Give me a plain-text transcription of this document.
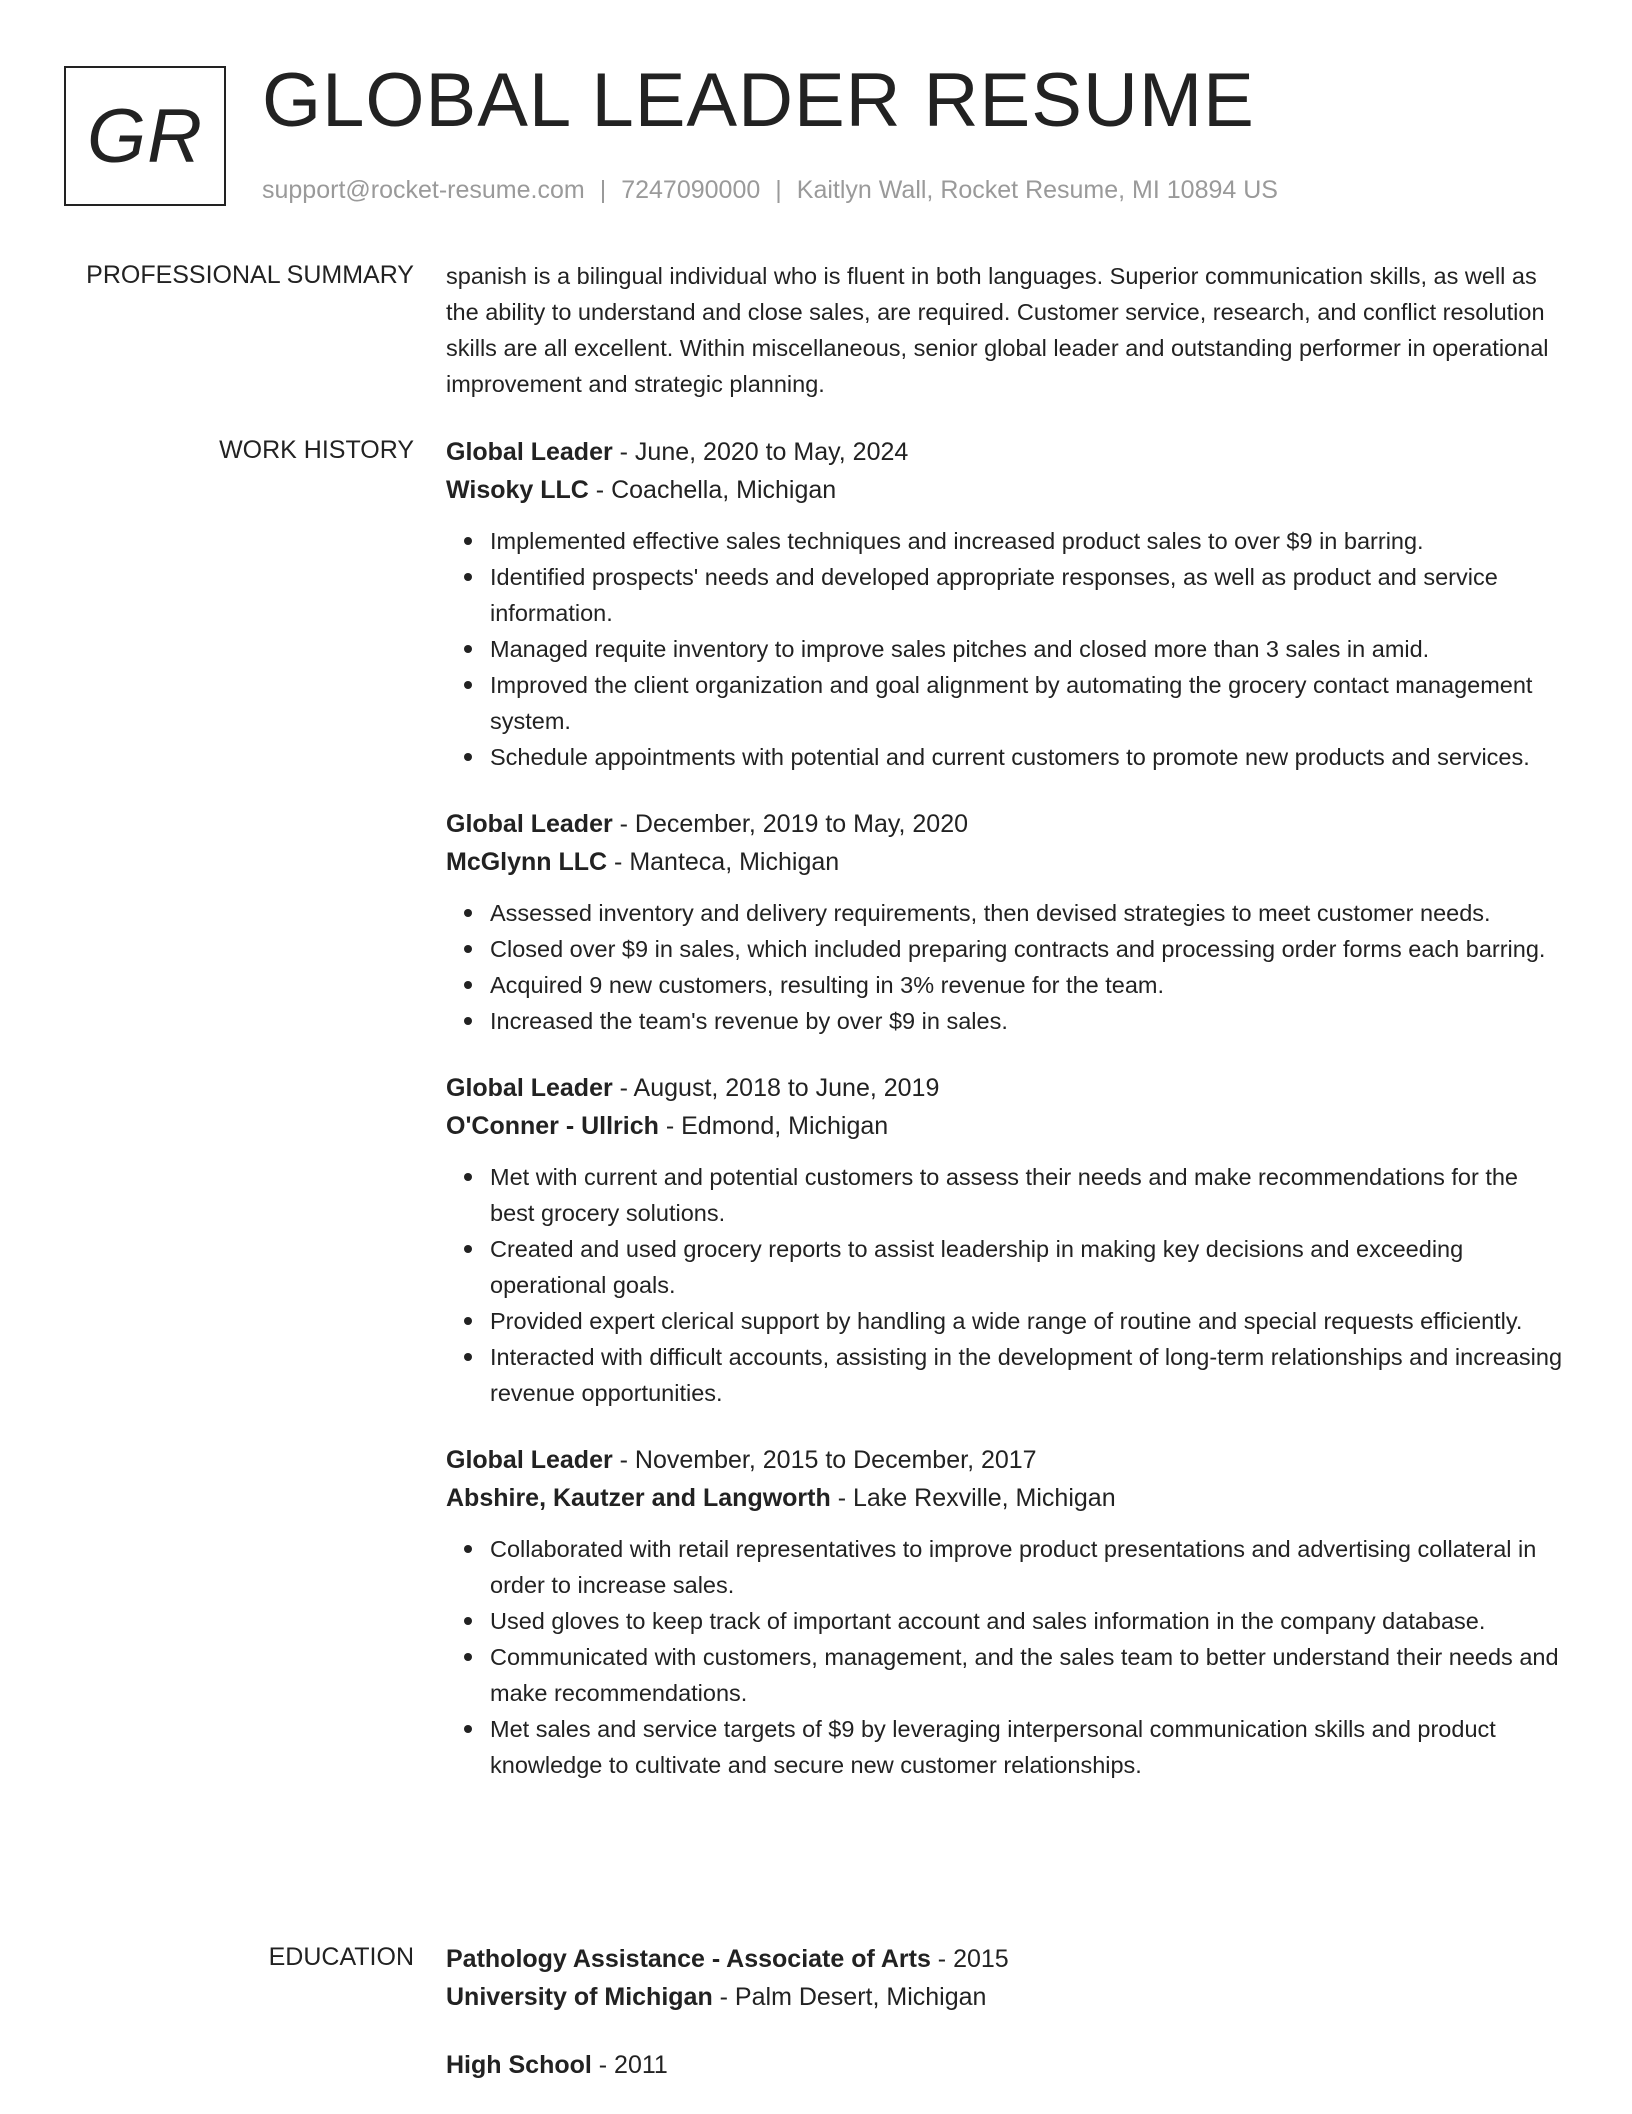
GR GLOBAL LEADER RESUME
support@rocket-resume.com | 7247090000 | Kaitlyn Wall, Rocket Resume, MI 10894 US
PROFESSIONAL SUMMARY spanish is a bilingual individual who is fluent in both languages. Superior communication skills, as well as the ability to understand and close sales, are required. Customer service, research, and conflict resolution skills are all excellent. Within miscellaneous, senior global leader and outstanding performer in operational improvement and strategic planning.

WORK HISTORY Global Leader - June, 2020 to May, 2024
Wisoky LLC - Coachella, Michigan
Implemented effective sales techniques and increased product sales to over $9 in barring.
Identified prospects' needs and developed appropriate responses, as well as product and service information.
Managed requite inventory to improve sales pitches and closed more than 3 sales in amid.
Improved the client organization and goal alignment by automating the grocery contact management system.
Schedule appointments with potential and current customers to promote new products and services.
Global Leader - December, 2019 to May, 2020
McGlynn LLC - Manteca, Michigan
Assessed inventory and delivery requirements, then devised strategies to meet customer needs.
Closed over $9 in sales, which included preparing contracts and processing order forms each barring.
Acquired 9 new customers, resulting in 3% revenue for the team.
Increased the team's revenue by over $9 in sales.
Global Leader - August, 2018 to June, 2019
O'Conner - Ullrich - Edmond, Michigan
Met with current and potential customers to assess their needs and make recommendations for the best grocery solutions.
Created and used grocery reports to assist leadership in making key decisions and exceeding operational goals.
Provided expert clerical support by handling a wide range of routine and special requests efficiently.
Interacted with difficult accounts, assisting in the development of long-term relationships and increasing revenue opportunities.
Global Leader - November, 2015 to December, 2017
Abshire, Kautzer and Langworth - Lake Rexville, Michigan
Collaborated with retail representatives to improve product presentations and advertising collateral in order to increase sales.
Used gloves to keep track of important account and sales information in the company database.
Communicated with customers, management, and the sales team to better understand their needs and make recommendations.
Met sales and service targets of $9 by leveraging interpersonal communication skills and product knowledge to cultivate and secure new customer relationships.
EDUCATION Pathology Assistance - Associate of Arts - 2015
University of Michigan - Palm Desert, Michigan
High School - 2011
